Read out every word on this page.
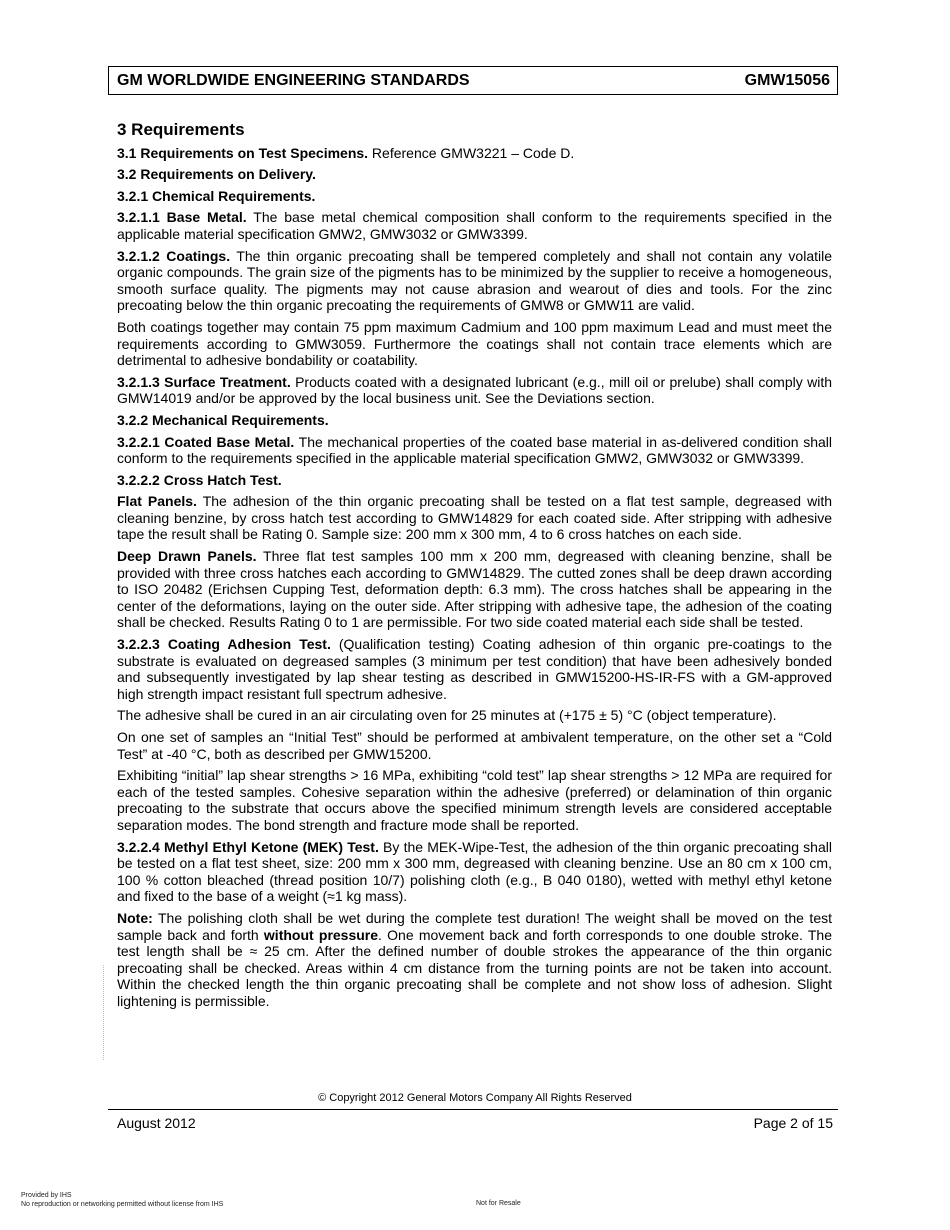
GM WORLDWIDE ENGINEERING STANDARDS	GMW15056
3 Requirements

3.1 Requirements on Test Specimens. Reference GMW3221 – Code D.

3.2 Requirements on Delivery.

3.2.1 Chemical Requirements.

3.2.1.1 Base Metal. The base metal chemical composition shall conform to the requirements specified in the applicable material specification GMW2, GMW3032 or GMW3399.

3.2.1.2 Coatings. The thin organic precoating shall be tempered completely and shall not contain any volatile organic compounds. The grain size of the pigments has to be minimized by the supplier to receive a homogeneous, smooth surface quality. The pigments may not cause abrasion and wearout of dies and tools. For the zinc precoating below the thin organic precoating the requirements of GMW8 or GMW11 are valid.

Both coatings together may contain 75 ppm maximum Cadmium and 100 ppm maximum Lead and must meet the requirements according to GMW3059. Furthermore the coatings shall not contain trace elements which are detrimental to adhesive bondability or coatability.

3.2.1.3 Surface Treatment. Products coated with a designated lubricant (e.g., mill oil or prelube) shall comply with GMW14019 and/or be approved by the local business unit. See the Deviations section.

3.2.2 Mechanical Requirements.

3.2.2.1 Coated Base Metal. The mechanical properties of the coated base material in as-delivered condition shall conform to the requirements specified in the applicable material specification GMW2, GMW3032 or GMW3399.

3.2.2.2 Cross Hatch Test.

Flat Panels. The adhesion of the thin organic precoating shall be tested on a flat test sample, degreased with cleaning benzine, by cross hatch test according to GMW14829 for each coated side. After stripping with adhesive tape the result shall be Rating 0. Sample size: 200 mm x 300 mm, 4 to 6 cross hatches on each side.

Deep Drawn Panels. Three flat test samples 100 mm x 200 mm, degreased with cleaning benzine, shall be provided with three cross hatches each according to GMW14829. The cutted zones shall be deep drawn according to ISO 20482 (Erichsen Cupping Test, deformation depth: 6.3 mm). The cross hatches shall be appearing in the center of the deformations, laying on the outer side. After stripping with adhesive tape, the adhesion of the coating shall be checked. Results Rating 0 to 1 are permissible. For two side coated material each side shall be tested.

3.2.2.3 Coating Adhesion Test. (Qualification testing) Coating adhesion of thin organic pre-coatings to the substrate is evaluated on degreased samples (3 minimum per test condition) that have been adhesively bonded and subsequently investigated by lap shear testing as described in GMW15200-HS-IR-FS with a GM-approved high strength impact resistant full spectrum adhesive.

The adhesive shall be cured in an air circulating oven for 25 minutes at (+175 ± 5) °C (object temperature).

On one set of samples an “Initial Test” should be performed at ambivalent temperature, on the other set a “Cold Test” at -40 °C, both as described per GMW15200.

Exhibiting “initial” lap shear strengths > 16 MPa, exhibiting “cold test” lap shear strengths > 12 MPa are required for each of the tested samples. Cohesive separation within the adhesive (preferred) or delamination of thin organic precoating to the substrate that occurs above the specified minimum strength levels are considered acceptable separation modes. The bond strength and fracture mode shall be reported.

3.2.2.4 Methyl Ethyl Ketone (MEK) Test. By the MEK-Wipe-Test, the adhesion of the thin organic precoating shall be tested on a flat test sheet, size: 200 mm x 300 mm, degreased with cleaning benzine. Use an 80 cm x 100 cm, 100 % cotton bleached (thread position 10/7) polishing cloth (e.g., B 040 0180), wetted with methyl ethyl ketone and fixed to the base of a weight (≈1 kg mass).

Note: The polishing cloth shall be wet during the complete test duration! The weight shall be moved on the test sample back and forth without pressure. One movement back and forth corresponds to one double stroke. The test length shall be ≈ 25 cm. After the defined number of double strokes the appearance of the thin organic precoating shall be checked. Areas within 4 cm distance from the turning points are not be taken into account. Within the checked length the thin organic precoating shall be complete and not show loss of adhesion. Slight lightening is permissible.

© Copyright 2012 General Motors Company All Rights Reserved
August 2012	Page 2 of 15
Provided by IHS
No reproduction or networking permitted without license from IHS	Not for Resale
